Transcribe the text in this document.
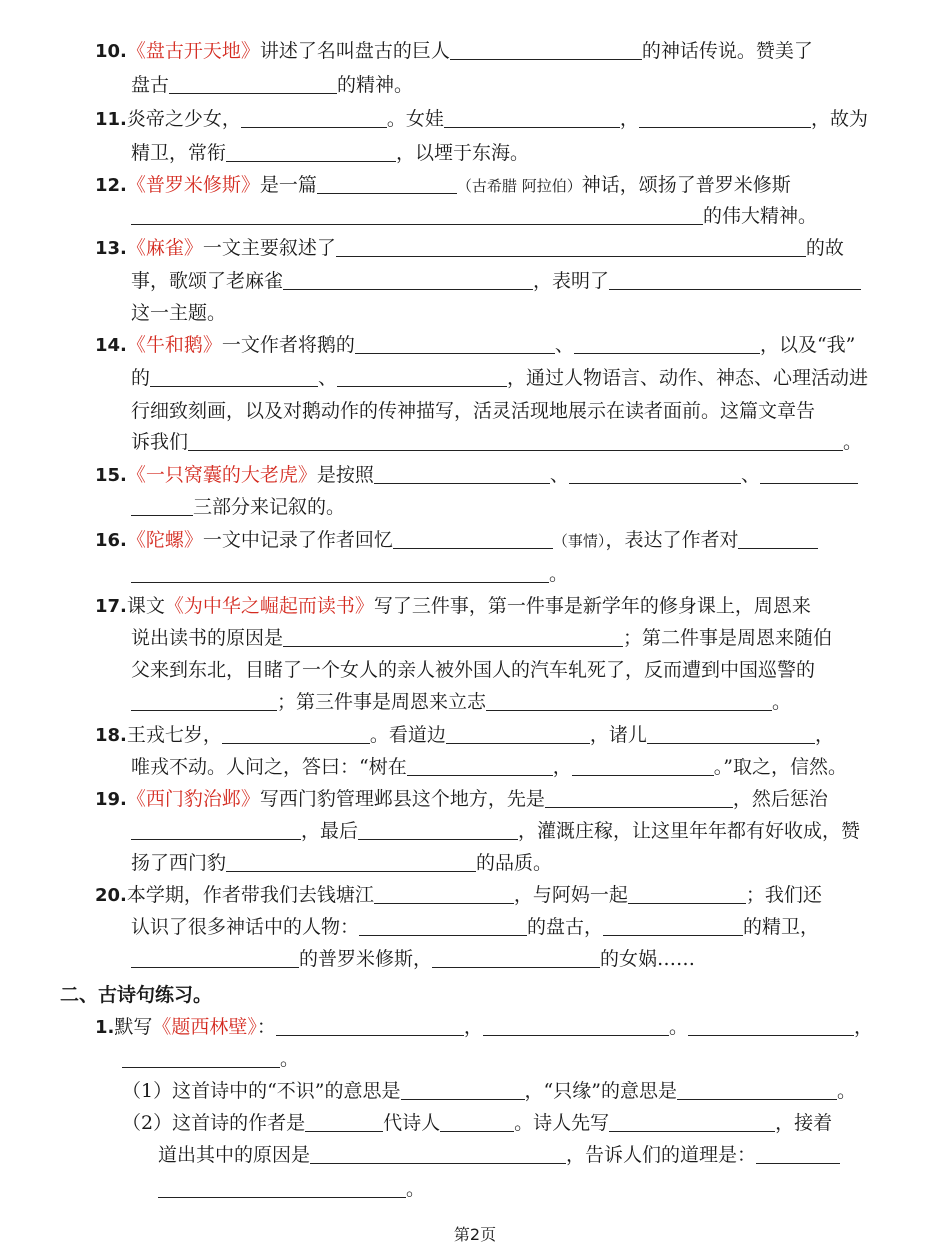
10.《盘古开天地》讲述了名叫盘古的巨人	的神话传说。赞美了
盘古	的精神。
11.炎帝之少女，	。女娃	，	，故为
精卫，常衔	，以堙于东海。
12.《普罗米修斯》是一篇	（古希腊 阿拉伯）神话，颂扬了普罗米修斯
的伟大精神。
13.《麻雀》一文主要叙述了	的故
事，歌颂了老麻雀	，表明了
这一主题。
14.《牛和鹅》一文作者将鹅的	、	，以及“我”
的	、	，通过人物语言、动作、神态、心理活动进
行细致刻画，以及对鹅动作的传神描写，活灵活现地展示在读者面前。这篇文章告
诉我们	。
15.《一只窝囊的大老虎》是按照	、	、
三部分来记叙的。
16.《陀螺》一文中记录了作者回忆	（事情），表达了作者对
。
17.课文《为中华之崛起而读书》写了三件事，第一件事是新学年的修身课上，周恩来
说出读书的原因是	；第二件事是周恩来随伯
父来到东北，目睹了一个女人的亲人被外国人的汽车轧死了，反而遭到中国巡警的
；第三件事是周恩来立志	。
18.王戎七岁，	。看道边	，诸儿	，
唯戎不动。人问之，答曰：“树在	，	。”取之，信然。
19.《西门豹治邺》写西门豹管理邺县这个地方，先是	，然后惩治
，最后	，灌溉庄稼，让这里年年都有好收成，赞
扬了西门豹	的品质。
20.本学期，作者带我们去钱塘江	，与阿妈一起	；我们还
认识了很多神话中的人物：	的盘古，	的精卫，
的普罗米修斯，	的女娲……
二、古诗句练习。
1.默写《题西林壁》：	，	。	，
。
（1）这首诗中的“不识”的意思是	，“只缘”的意思是	。
（2）这首诗的作者是	代诗人	。诗人先写	，接着
道出其中的原因是	，告诉人们的道理是：
。
第2页
